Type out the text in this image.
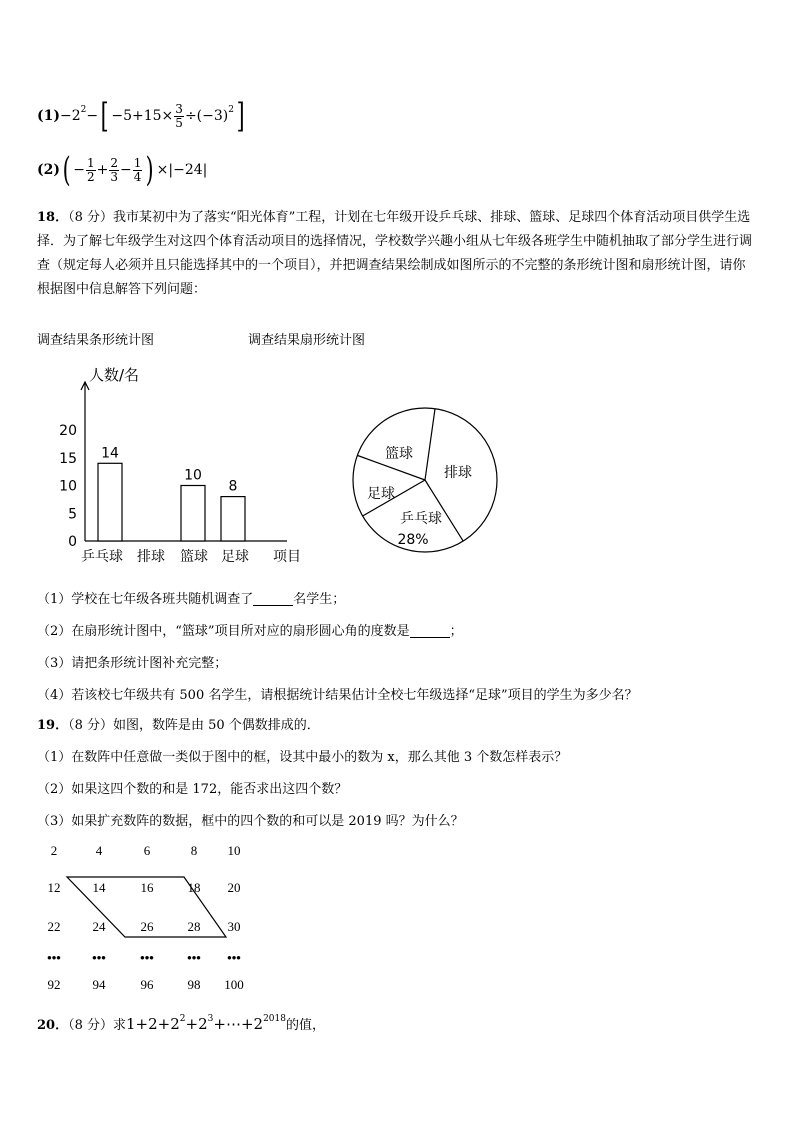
$(1)-2^2-[ -5+15\times \frac{3}{5} \div(-3)^2]$
$(2)( - \frac{1}{2} + \frac{2}{3} - \frac{1}{4}$ ) ×|−24|
18．（8 分）我市某初中为了落实“阳光体育”工程，计划在七年级开设乒乓球、排球、篮球、足球四个体育活动项目供学生选择．为了解七年级学生对这四个体育活动项目的选择情况，学校数学兴趣小组从七年级各班学生中随机抽取了部分学生进行调查（规定每人必须并且只能选择其中的一个项目），并把调查结果绘制成如图所示的不完整的条形统计图和扇形统计图，请你根据图中信息解答下列问题：
调查结果条形统计图	调查结果扇形统计图
人数/名
项目
0
5
10
15
20
乒乓球
14
排球 篮球
10
足球
8
篮球
排球
乒乓球
足球
28%
（1）学校在七年级各班共随机调查了	名学生；
（2）在扇形统计图中，“篮球”项目所对应的扇形圆心角的度数是	；
（3）请把条形统计图补充完整；
（4）若该校七年级共有 500 名学生，请根据统计结果估计全校七年级选择“足球”项目的学生为多少名？
19．（8 分）如图，数阵是由 50 个偶数排成的．
（1）在数阵中任意做一类似于图中的框，设其中最小的数为 x，那么其他 3 个数怎样表示？
（2）如果这四个数的和是 172，能否求出这四个数？
（3）如果扩充数阵的数据，框中的四个数的和可以是 2019 吗？为什么？
2	4	6	8	10
12	14	16	18	20
22	24	26	28	30
•••	•••	•••	•••	•••
92	94	96	98	100
20．（8 分）求$1+2+2^2+2^3+\cdots+2^{2018}$的值，
